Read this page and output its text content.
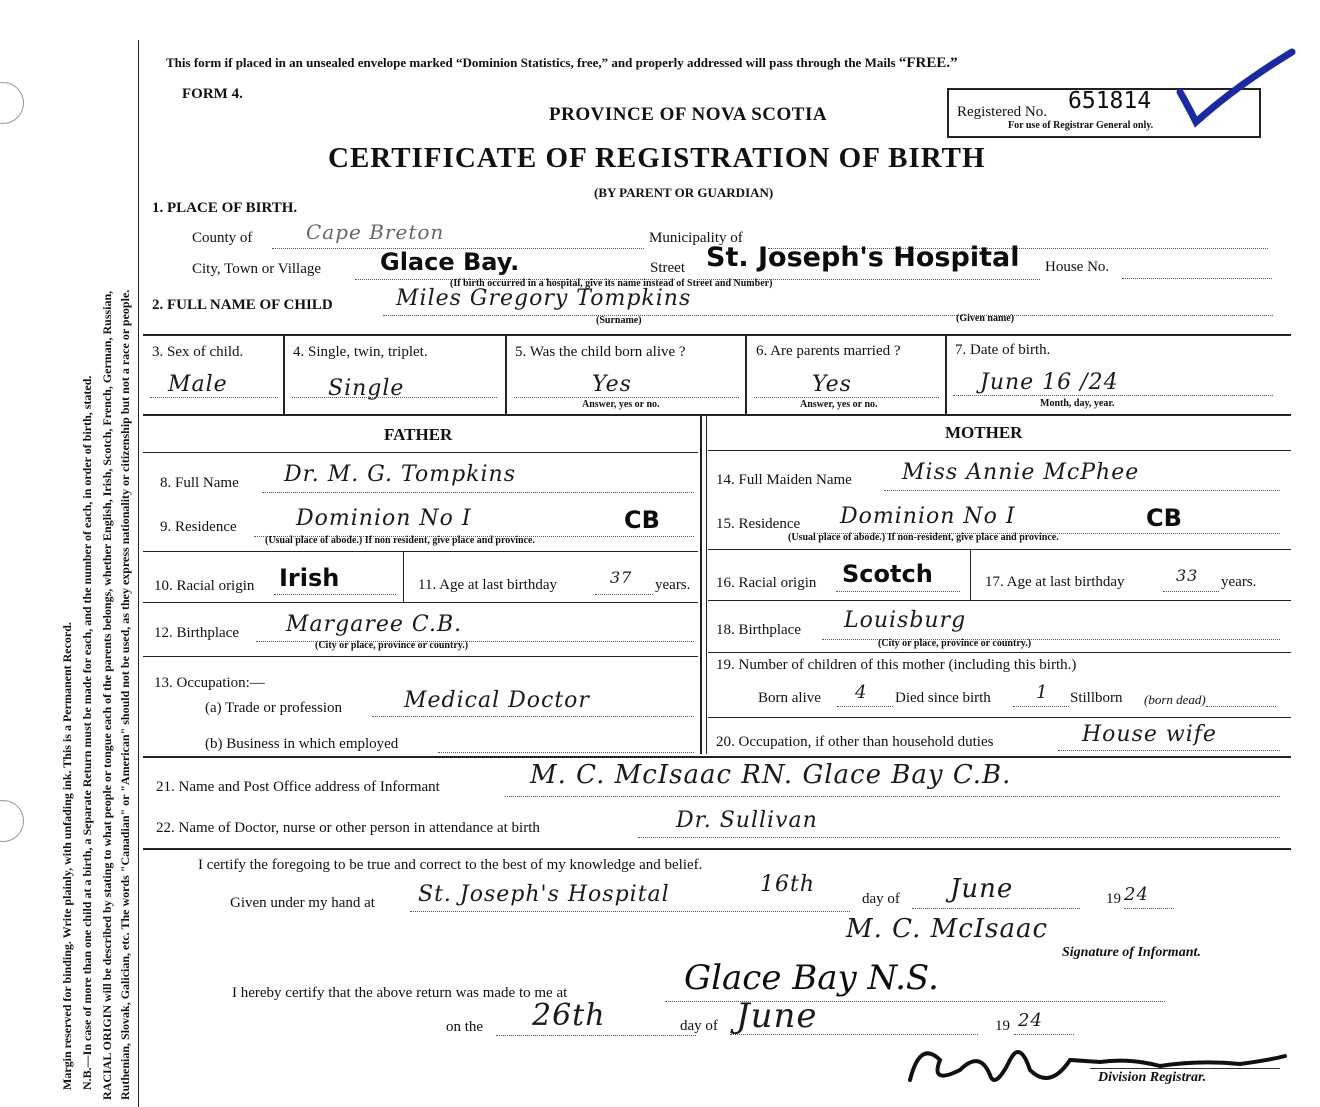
Margin reserved for binding. Write plainly, with unfading ink. This is a Permanent Record. N.B.—In case of more than one child at a birth, a Separate Return must be made for each, and the number of each, in order of birth, stated. RACIAL ORIGIN will be described by stating to what people or tongue each of the parents belongs, whether English, Irish, Scotch, French, German, Russian, Ruthenian, Slovak, Galician, etc. The words "Canadian" or "American" should not be used, as they express nationality or citizenship but not a race or people.
This form if placed in an unsealed envelope marked “Dominion Statistics, free,” and properly addressed will pass through the Mails “FREE.”
FORM 4.
PROVINCE OF NOVA SCOTIA
CERTIFICATE OF REGISTRATION OF BIRTH
(BY PARENT OR GUARDIAN)
Registered No. 651814
For use of Registrar General only.
1. PLACE OF BIRTH.
County of	Cape Breton	Municipality of
City, Town or Village Glace Bay.	Street St. Joseph's Hospital House No.
(If birth occurred in a hospital, give its name instead of Street and Number)
2. FULL NAME OF CHILD	Miles Gregory Tompkins
(Surname)	(Given name)
3. Sex of child.
Male
4. Single, twin, triplet.
Single
5. Was the child born alive ?
Yes
Answer, yes or no.
6. Are parents married ?
Yes
Answer, yes or no.
7. Date of birth.
June 16 /24
Month, day, year.
FATHER	MOTHER
8. Full Name Dr. M. G. Tompkins
9. Residence	Dominion No I	CB
(Usual place of abode.) If non resident, give place and province.
10. Racial origin Irish	11. Age at last birthday	37 years.
12. Birthplace Margaree C.B.
(City or place, province or country.)
13. Occupation:—
(a) Trade or profession	Medical Doctor
(b) Business in which employed
14. Full Maiden Name Miss Annie McPhee
15. Residence Dominion No I	CB
(Usual place of abode.) If non-resident, give place and province.
16. Racial origin Scotch	17. Age at last birthday	33 years.
18. Birthplace Louisburg
(City or place, province or country.)
19. Number of children of this mother (including this birth.)
Born alive 4 Died since birth	1 Stillborn (born dead)
20. Occupation, if other than household duties	House wife
21. Name and Post Office address of Informant	M. C. McIsaac RN. Glace Bay C.B.
22. Name of Doctor, nurse or other person in attendance at birth	Dr. Sullivan
I certify the foregoing to be true and correct to the best of my knowledge and belief.
Given under my hand at St. Joseph's Hospital	16th
day of June	19 24
M. C. McIsaac
Signature of Informant.
I hereby certify that the above return was made to me at	Glace Bay N.S.
on the 26th	day of June	19 24
Division Registrar.
